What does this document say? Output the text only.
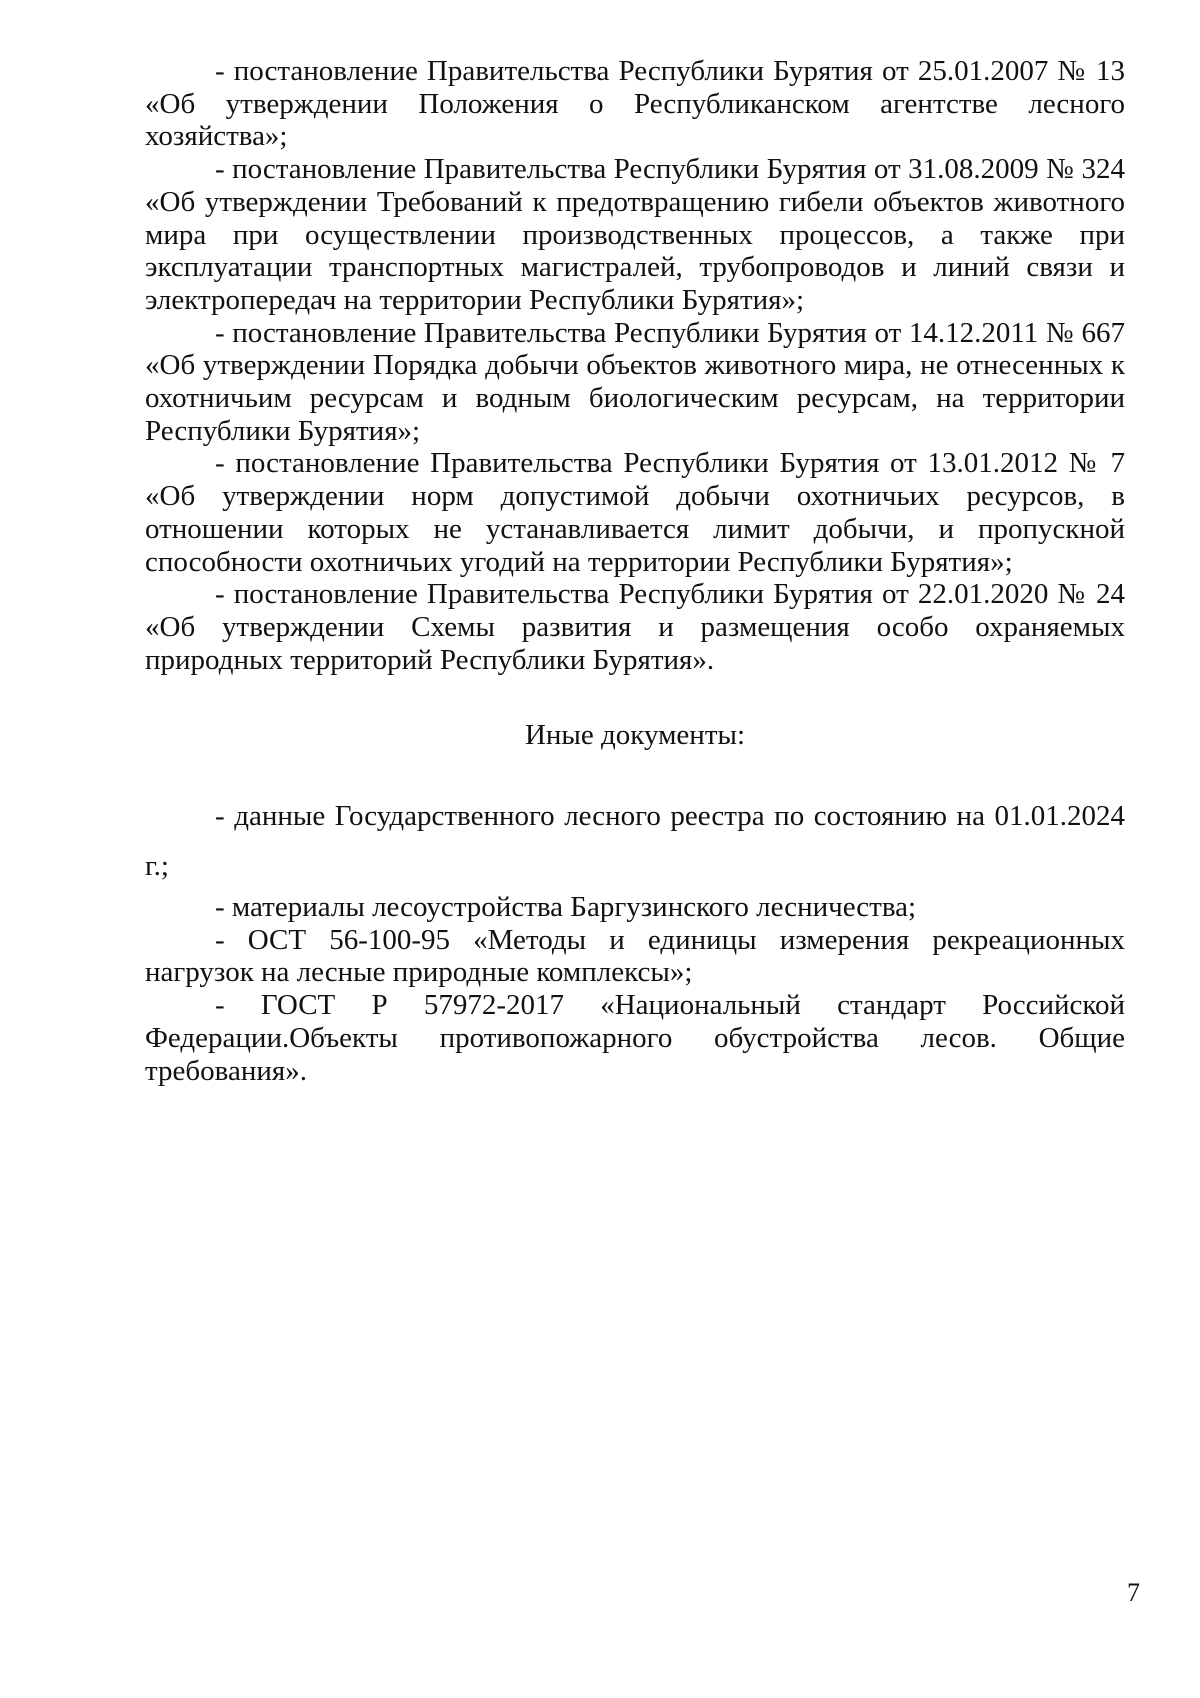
- постановление Правительства Республики Бурятия от 25.01.2007 № 13 «Об утверждении Положения о Республиканском агентстве лесного хозяйства»;

- постановление Правительства Республики Бурятия от 31.08.2009 № 324 «Об утверждении Требований к предотвращению гибели объектов животного мира при осуществлении производственных процессов, а также при эксплуатации транспортных магистралей, трубопроводов и линий связи и электропередач на территории Республики Бурятия»;

- постановление Правительства Республики Бурятия от 14.12.2011 № 667 «Об утверждении Порядка добычи объектов животного мира, не отнесенных к охотничьим ресурсам и водным биологическим ресурсам, на территории Республики Бурятия»;

- постановление Правительства Республики Бурятия от 13.01.2012 № 7 «Об утверждении норм допустимой добычи охотничьих ресурсов, в отношении которых не устанавливается лимит добычи, и пропускной способности охотничьих угодий на территории Республики Бурятия»;

- постановление Правительства Республики Бурятия от 22.01.2020 № 24 «Об утверждении Схемы развития и размещения особо охраняемых природных территорий Республики Бурятия».

Иные документы:

- данные Государственного лесного реестра по состоянию на 01.01.2024 г.;

- материалы лесоустройства Баргузинского лесничества;

- ОСТ 56-100-95 «Методы и единицы измерения рекреационных нагрузок на лесные природные комплексы»;

- ГОСТ Р 57972-2017 «Национальный стандарт Российской Федерации.Объекты противопожарного обустройства лесов. Общие требования».

7
